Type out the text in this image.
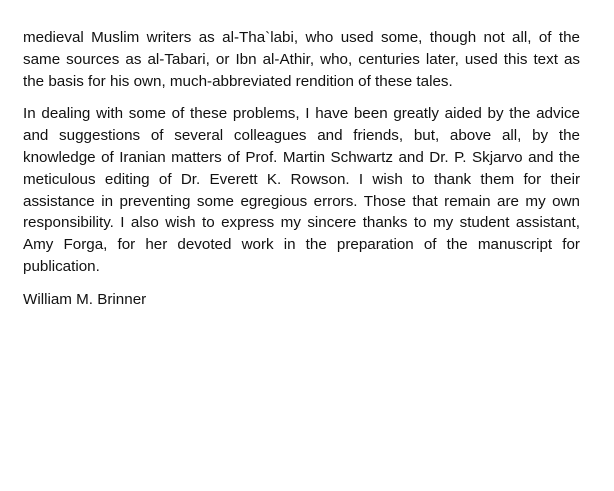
medieval Muslim writers as al-Tha`labi, who used some, though not all, of the same sources as al-Tabari, or Ibn al-Athir, who, centuries later, used this text as the basis for his own, much-abbreviated rendition of these tales.

In dealing with some of these problems, I have been greatly aided by the advice and suggestions of several colleagues and friends, but, above all, by the knowledge of Iranian matters of Prof. Martin Schwartz and Dr. P. Skjarvo and the meticulous editing of Dr. Everett K. Rowson. I wish to thank them for their assistance in preventing some egregious errors. Those that remain are my own responsibility. I also wish to express my sincere thanks to my student assistant, Amy Forga, for her devoted work in the preparation of the manuscript for publication.

William M. Brinner
